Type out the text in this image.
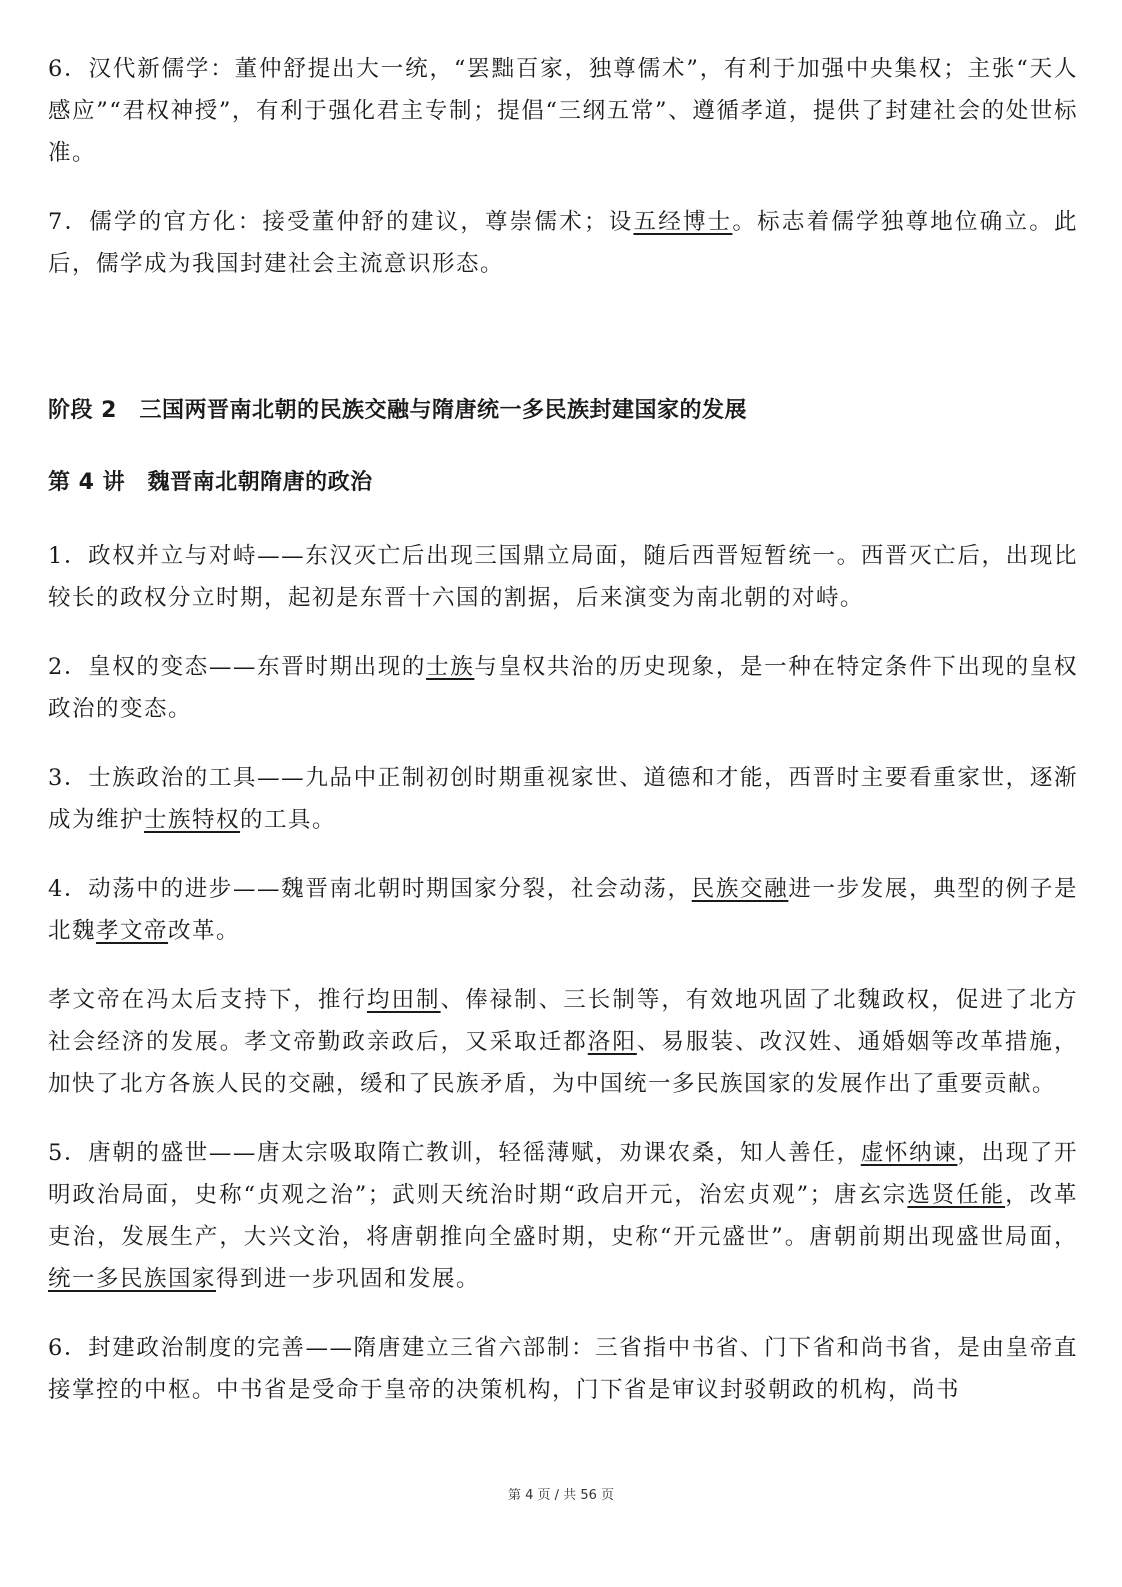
6．汉代新儒学：董仲舒提出大一统，“罢黜百家，独尊儒术”，有利于加强中央集权；主张“天人感应”“君权神授”，有利于强化君主专制；提倡“三纲五常”、遵循孝道，提供了封建社会的处世标准。
7．儒学的官方化：接受董仲舒的建议，尊崇儒术；设五经博士。标志着儒学独尊地位确立。此后，儒学成为我国封建社会主流意识形态。
阶段 2　三国两晋南北朝的民族交融与隋唐统一多民族封建国家的发展
第 4 讲　魏晋南北朝隋唐的政治
1．政权并立与对峙——东汉灭亡后出现三国鼎立局面，随后西晋短暂统一。西晋灭亡后，出现比较长的政权分立时期，起初是东晋十六国的割据，后来演变为南北朝的对峙。
2．皇权的变态——东晋时期出现的士族与皇权共治的历史现象，是一种在特定条件下出现的皇权政治的变态。
3．士族政治的工具——九品中正制初创时期重视家世、道德和才能，西晋时主要看重家世，逐渐成为维护士族特权的工具。
4．动荡中的进步——魏晋南北朝时期国家分裂，社会动荡，民族交融进一步发展，典型的例子是北魏孝文帝改革。
孝文帝在冯太后支持下，推行均田制、俸禄制、三长制等，有效地巩固了北魏政权，促进了北方社会经济的发展。孝文帝勤政亲政后，又采取迁都洛阳、易服装、改汉姓、通婚姻等改革措施，加快了北方各族人民的交融，缓和了民族矛盾，为中国统一多民族国家的发展作出了重要贡献。
5．唐朝的盛世——唐太宗吸取隋亡教训，轻徭薄赋，劝课农桑，知人善任，虚怀纳谏，出现了开明政治局面，史称“贞观之治”；武则天统治时期“政启开元，治宏贞观”；唐玄宗选贤任能，改革吏治，发展生产，大兴文治，将唐朝推向全盛时期，史称“开元盛世”。唐朝前期出现盛世局面，统一多民族国家得到进一步巩固和发展。
6．封建政治制度的完善——隋唐建立三省六部制：三省指中书省、门下省和尚书省，是由皇帝直接掌控的中枢。中书省是受命于皇帝的决策机构，门下省是审议封驳朝政的机构，尚书
第 4 页 / 共 56 页
